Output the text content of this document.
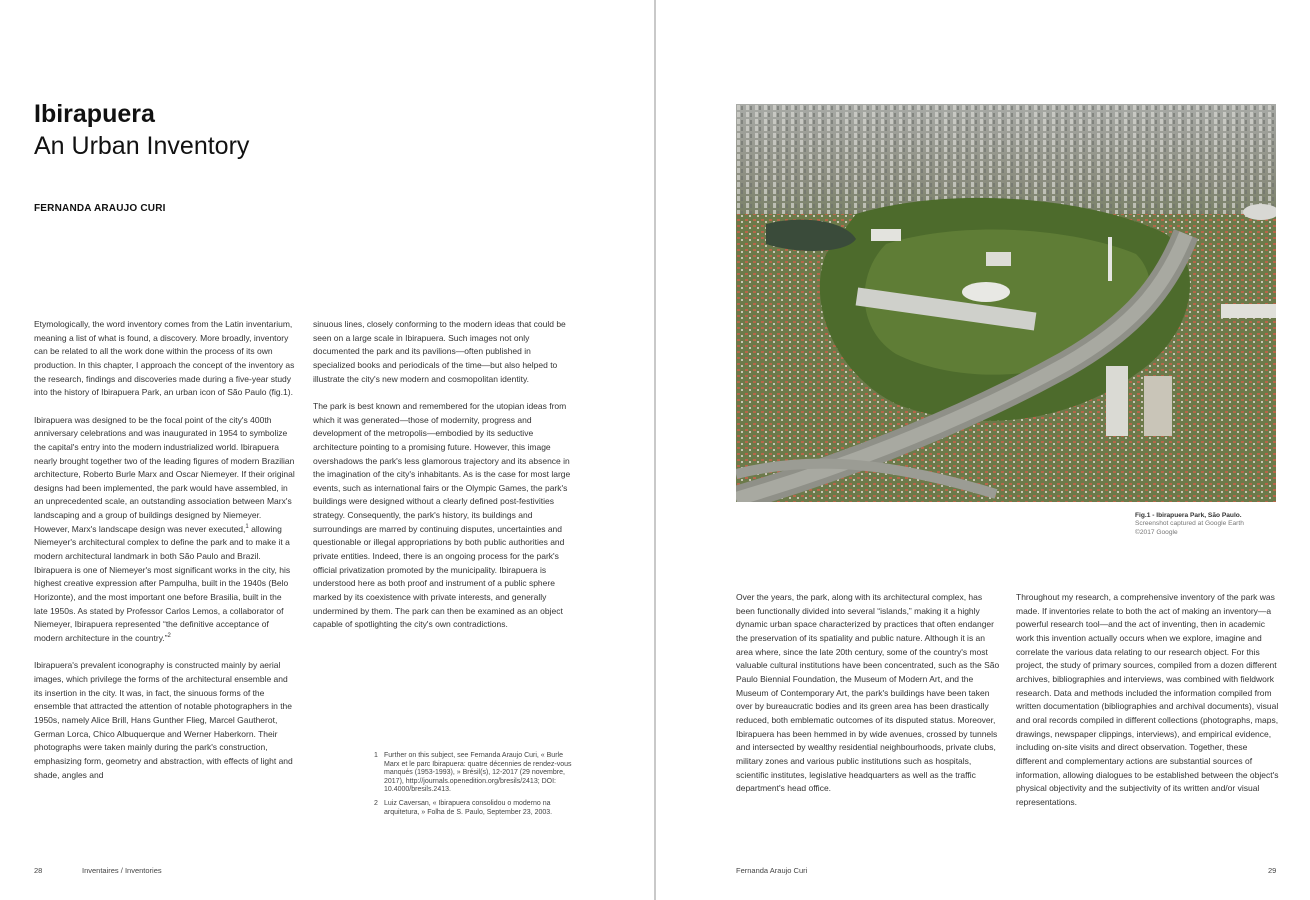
Ibirapuera
An Urban Inventory
FERNANDA ARAUJO CURI

Etymologically, the word inventory comes from the Latin inventarium, meaning a list of what is found, a discovery. More broadly, inventory can be related to all the work done within the process of its own production. In this chapter, I approach the concept of the inventory as the research, findings and discoveries made during a five-year study into the history of Ibirapuera Park, an urban icon of São Paulo (fig.1).

Ibirapuera was designed to be the focal point of the city's 400th anniversary celebrations and was inaugurated in 1954 to symbolize the capital's entry into the modern industrialized world. Ibirapuera nearly brought together two of the leading figures of modern Brazilian architecture, Roberto Burle Marx and Oscar Niemeyer. If their original designs had been implemented, the park would have assembled, in an unprecedented scale, an outstanding association between Marx's landscaping and a group of buildings designed by Niemeyer. However, Marx's landscape design was never executed,$^1$ allowing Niemeyer's architectural complex to define the park and to make it a modern architectural landmark in both São Paulo and Brazil. Ibirapuera is one of Niemeyer's most significant works in the city, his highest creative expression after Pampulha, built in the 1940s (Belo Horizonte), and the most important one before Brasilia, built in the late 1950s. As stated by Professor Carlos Lemos, a collaborator of Niemeyer, Ibirapuera represented “the definitive acceptance of modern architecture in the country.”$^2$

Ibirapuera's prevalent iconography is constructed mainly by aerial images, which privilege the forms of the architectural ensemble and its insertion in the city. It was, in fact, the sinuous forms of the ensemble that attracted the attention of notable photographers in the 1950s, namely Alice Brill, Hans Gunther Flieg, Marcel Gautherot, German Lorca, Chico Albuquerque and Werner Haberkorn. Their photographs were taken mainly during the park's construction, emphasizing form, geometry and abstraction, with effects of light and shade, angles and

sinuous lines, closely conforming to the modern ideas that could be seen on a large scale in Ibirapuera. Such images not only documented the park and its pavilions—often published in specialized books and periodicals of the time—but also helped to illustrate the city's new modern and cosmopolitan identity.

The park is best known and remembered for the utopian ideas from which it was generated—those of modernity, progress and development of the metropolis—embodied by its seductive architecture pointing to a promising future. However, this image overshadows the park's less glamorous trajectory and its absence in the imagination of the city's inhabitants. As is the case for most large events, such as international fairs or the Olympic Games, the park's buildings were designed without a clearly defined post-festivities strategy. Consequently, the park's history, its buildings and surroundings are marred by continuing disputes, uncertainties and questionable or illegal appropriations by both public authorities and private entities. Indeed, there is an ongoing process for the park's official privatization promoted by the municipality. Ibirapuera is understood here as both proof and instrument of a public sphere marked by its coexistence with private interests, and generally undermined by them. The park can then be examined as an object capable of spotlighting the city's own contradictions.

1 Further on this subject, see Fernanda Araujo Curi, « Burle Marx et le parc Ibirapuera: quatre décennies de rendez-vous manqués (1953-1993), » Brésil(s), 12-2017 (29 novembre, 2017), http://journals.openedition.org/bresils/2413; DOI: 10.4000/bresils.2413.
2 Luiz Caversan, « Ibirapuera consolidou o moderno na arquitetura, » Folha de S. Paulo, September 23, 2003.
28	Inventaires / Inventories
Fig.1 - Ibirapuera Park, São Paulo.
Screenshot captured at Google Earth
©2017 Google

Over the years, the park, along with its architectural complex, has been functionally divided into several “islands,” making it a highly dynamic urban space characterized by practices that often endanger the preservation of its spatiality and public nature. Although it is an area where, since the late 20th century, some of the country's most valuable cultural institutions have been concentrated, such as the São Paulo Biennial Foundation, the Museum of Modern Art, and the Museum of Contemporary Art, the park's buildings have been taken over by bureaucratic bodies and its green area has been drastically reduced, both emblematic outcomes of its disputed status. Moreover, Ibirapuera has been hemmed in by wide avenues, crossed by tunnels and intersected by wealthy residential neighbourhoods, private clubs, military zones and various public institutions such as hospitals, scientific institutes, legislative headquarters as well as the traffic department's head office.

Throughout my research, a comprehensive inventory of the park was made. If inventories relate to both the act of making an inventory—a powerful research tool—and the act of inventing, then in academic work this invention actually occurs when we explore, imagine and correlate the various data relating to our research object. For this project, the study of primary sources, compiled from a dozen different archives, bibliographies and interviews, was combined with fieldwork research. Data and methods included the information compiled from written documentation (bibliographies and archival documents), visual and oral records compiled in different collections (photographs, maps, drawings, newspaper clippings, interviews), and empirical evidence, including on-site visits and direct observation. Together, these different and complementary actions are substantial sources of information, allowing dialogues to be established between the object's physical objectivity and the subjectivity of its written and/or visual representations.

Fernanda Araujo Curi	29
